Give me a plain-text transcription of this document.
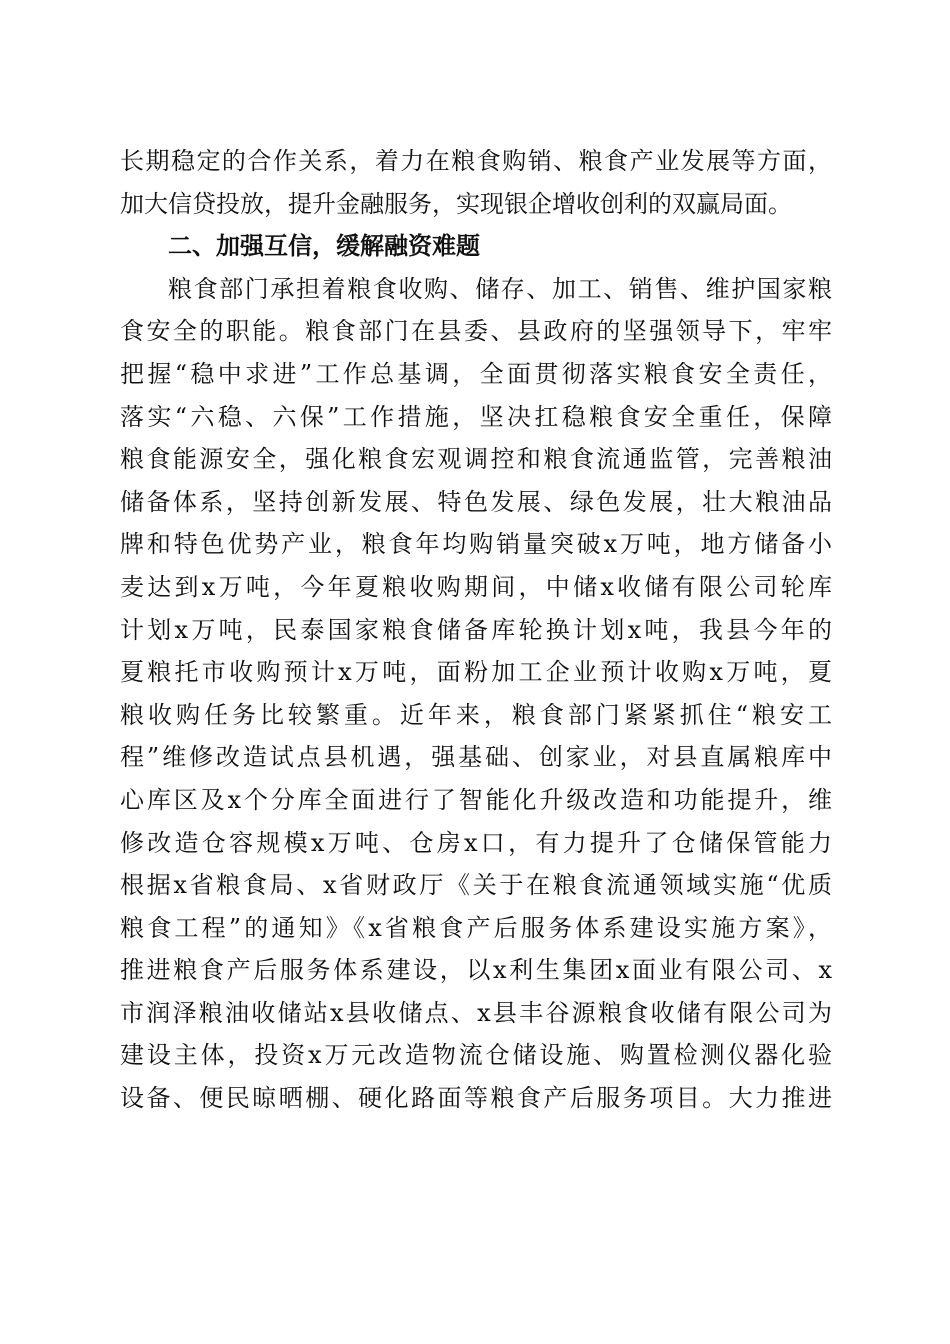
长期稳定的合作关系，着力在粮食购销、粮食产业发展等方面，
加大信贷投放，提升金融服务，实现银企增收创利的双赢局面。
二、加强互信，缓解融资难题
粮食部门承担着粮食收购、储存、加工、销售、维护国家粮
食安全的职能。粮食部门在县委、县政府的坚强领导下，牢牢
把握“稳中求进”工作总基调，全面贯彻落实粮食安全责任，
落实“六稳、六保”工作措施，坚决扛稳粮食安全重任，保障
粮食能源安全，强化粮食宏观调控和粮食流通监管，完善粮油
储备体系，坚持创新发展、特色发展、绿色发展，壮大粮油品
牌和特色优势产业，粮食年均购销量突破x万吨，地方储备小
麦达到x万吨，今年夏粮收购期间，中储x收储有限公司轮库
计划x万吨，民泰国家粮食储备库轮换计划x吨，我县今年的
夏粮托市收购预计x万吨，面粉加工企业预计收购x万吨，夏
粮收购任务比较繁重。近年来，粮食部门紧紧抓住“粮安工
程”维修改造试点县机遇，强基础、创家业，对县直属粮库中
心库区及x个分库全面进行了智能化升级改造和功能提升，维
修改造仓容规模x万吨、仓房x口，有力提升了仓储保管能力
根据x省粮食局、x省财政厅《关于在粮食流通领域实施“优质
粮食工程”的通知》《x省粮食产后服务体系建设实施方案》，
推进粮食产后服务体系建设，以x利生集团x面业有限公司、x
市润泽粮油收储站x县收储点、x县丰谷源粮食收储有限公司为
建设主体，投资x万元改造物流仓储设施、购置检测仪器化验
设备、便民晾晒棚、硬化路面等粮食产后服务项目。大力推进
